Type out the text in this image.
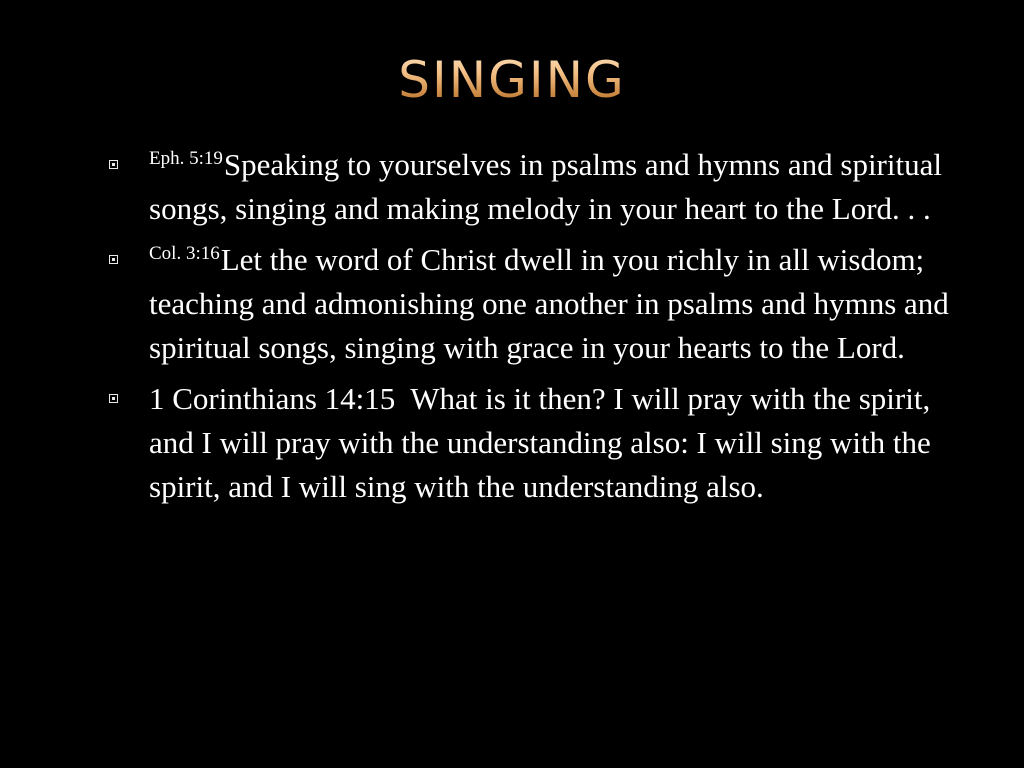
SINGING
$^{Eph. 5:19}$Speaking to yourselves in psalms and hymns and spiritual songs, singing and making melody in your heart to the Lord. . .
$^{Col. 3:16}$Let the word of Christ dwell in you richly in all wisdom; teaching and admonishing one another in psalms and hymns and spiritual songs, singing with grace in your hearts to the Lord.
1 Corinthians 14:15  What is it then? I will pray with the spirit, and I will pray with the understanding also: I will sing with the spirit, and I will sing with the understanding also.
